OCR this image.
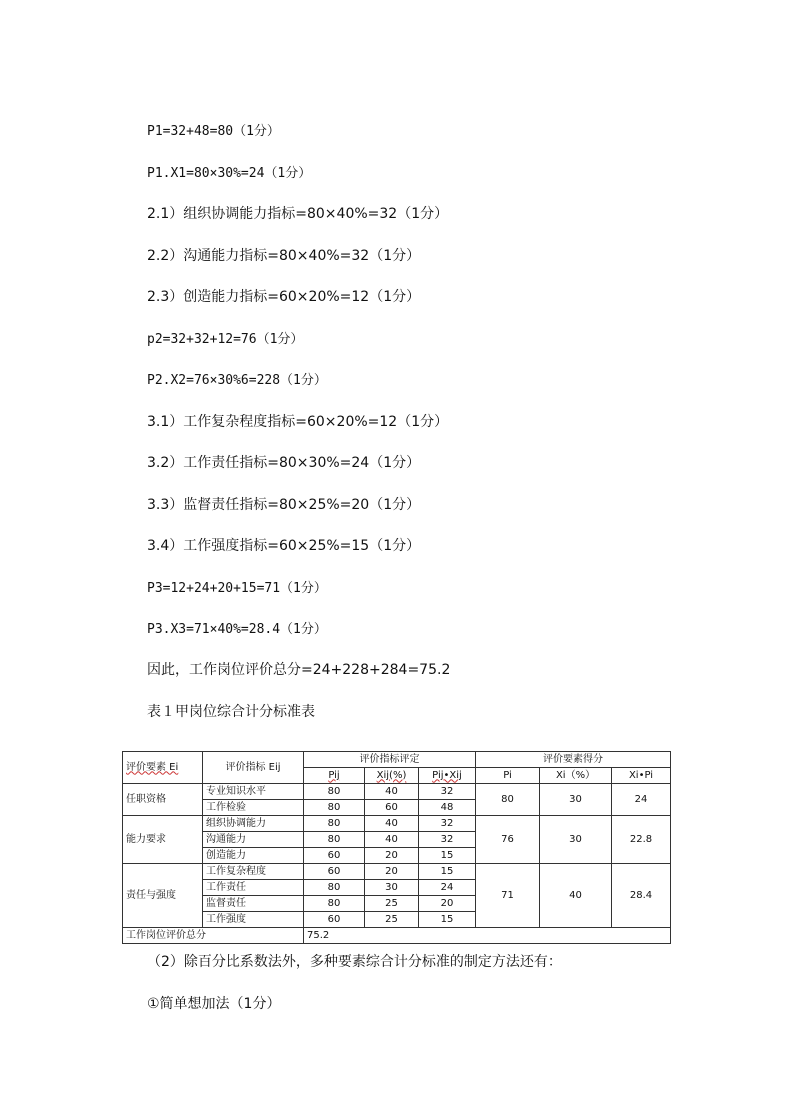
P1=32+48=80（1分）
P1.X1=80×30%=24（1分）
2.1）组织协调能力指标=80×40%=32（1分）
2.2）沟通能力指标=80×40%=32（1分）
2.3）创造能力指标=60×20%=12（1分）
p2=32+32+12=76（1分）
P2.X2=76×30%6=228（1分）
3.1）工作复杂程度指标=60×20%=12（1分）
3.2）工作责任指标=80×30%=24（1分）
3.3）监督责任指标=80×25%=20（1分）
3.4）工作强度指标=60×25%=15（1分）
P3=12+24+20+15=71（1分）
P3.X3=71×40%=28.4（1分）
因此，工作岗位评价总分=24+228+284=75.2
表１甲岗位综合计分标准表
评价要素 Ei	评价指标 Eij	评价指标评定			评价要素得分		
		Pij	Xij(%)	Pij•Xij	Pi	Xi（%）	Xi•Pi
任职资格	专业知识水平	80	40	32	80	30	24
	工作检验	80	60	48			
能力要求	组织协调能力	80	40	32	76	30	22.8
	沟通能力	80	40	32			
	创造能力	60	20	15			
责任与强度	工作复杂程度	60	20	15	71	40	28.4
	工作责任	80	30	24			
	监督责任	80	25	20			
	工作强度	60	25	15			
工作岗位评价总分		75.2					
（2）除百分比系数法外，多种要素综合计分标准的制定方法还有：
①简单想加法（1分）
